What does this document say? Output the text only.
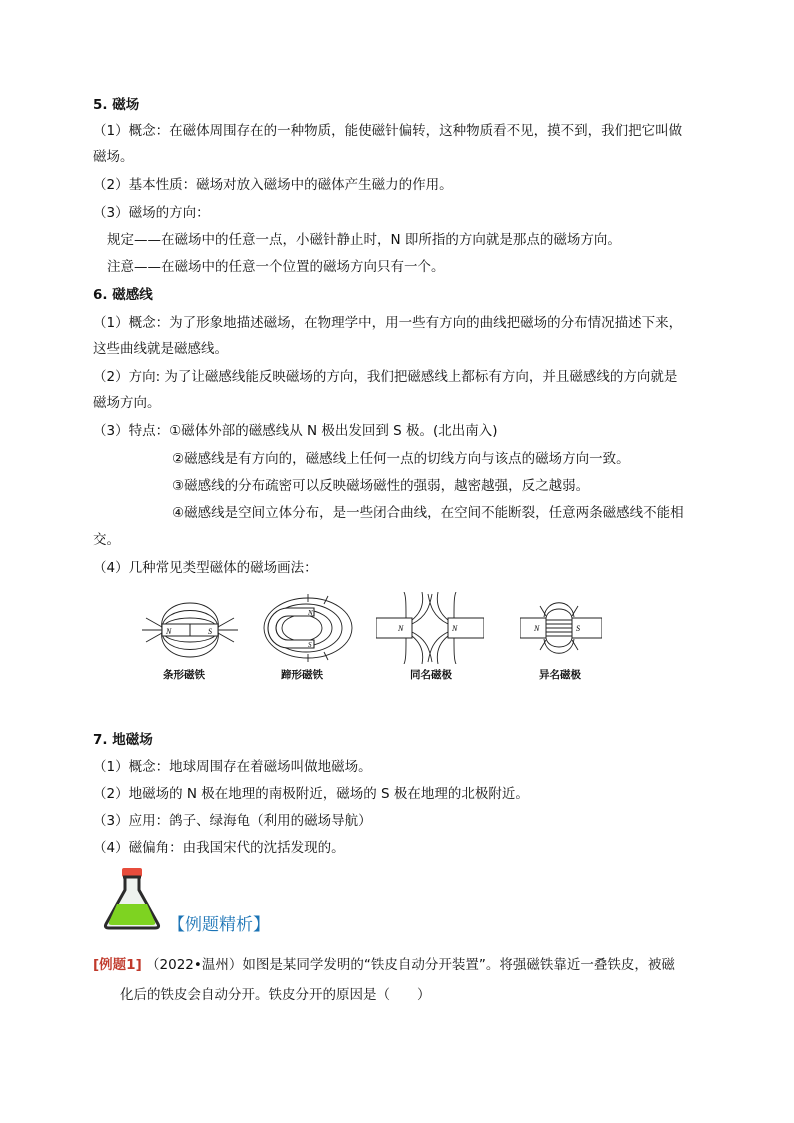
5. 磁场
（1）概念：在磁体周围存在的一种物质，能使磁针偏转，这种物质看不见，摸不到，我们把它叫做
磁场。
（2）基本性质：磁场对放入磁场中的磁体产生磁力的作用。
（3）磁场的方向：
规定——在磁场中的任意一点，小磁针静止时，N 即所指的方向就是那点的磁场方向。
注意——在磁场中的任意一个位置的磁场方向只有一个。
6. 磁感线
（1）概念：为了形象地描述磁场，在物理学中，用一些有方向的曲线把磁场的分布情况描述下来，
这些曲线就是磁感线。
（2）方向: 为了让磁感线能反映磁场的方向，我们把磁感线上都标有方向，并且磁感线的方向就是
磁场方向。
（3）特点：①磁体外部的磁感线从 N 极出发回到 S 极。(北出南入)
②磁感线是有方向的，磁感线上任何一点的切线方向与该点的磁场方向一致。
③磁感线的分布疏密可以反映磁场磁性的强弱，越密越强，反之越弱。
④磁感线是空间立体分布，是一些闭合曲线，在空间不能断裂，任意两条磁感线不能相
交。
（4）几种常见类型磁体的磁场画法：
N	S
N
S
N	N	N	S
条形磁铁	蹄形磁铁	同名磁极	异名磁极
7. 地磁场
（1）概念：地球周围存在着磁场叫做地磁场。
（2）地磁场的 N 极在地理的南极附近，磁场的 S 极在地理的北极附近。
（3）应用：鸽子、绿海龟（利用的磁场导航）
（4）磁偏角：由我国宋代的沈括发现的。
【例题精析】
[例题1] （2022•温州）如图是某同学发明的“铁皮自动分开装置”。将强磁铁靠近一叠铁皮，被磁
化后的铁皮会自动分开。铁皮分开的原因是（　　）
